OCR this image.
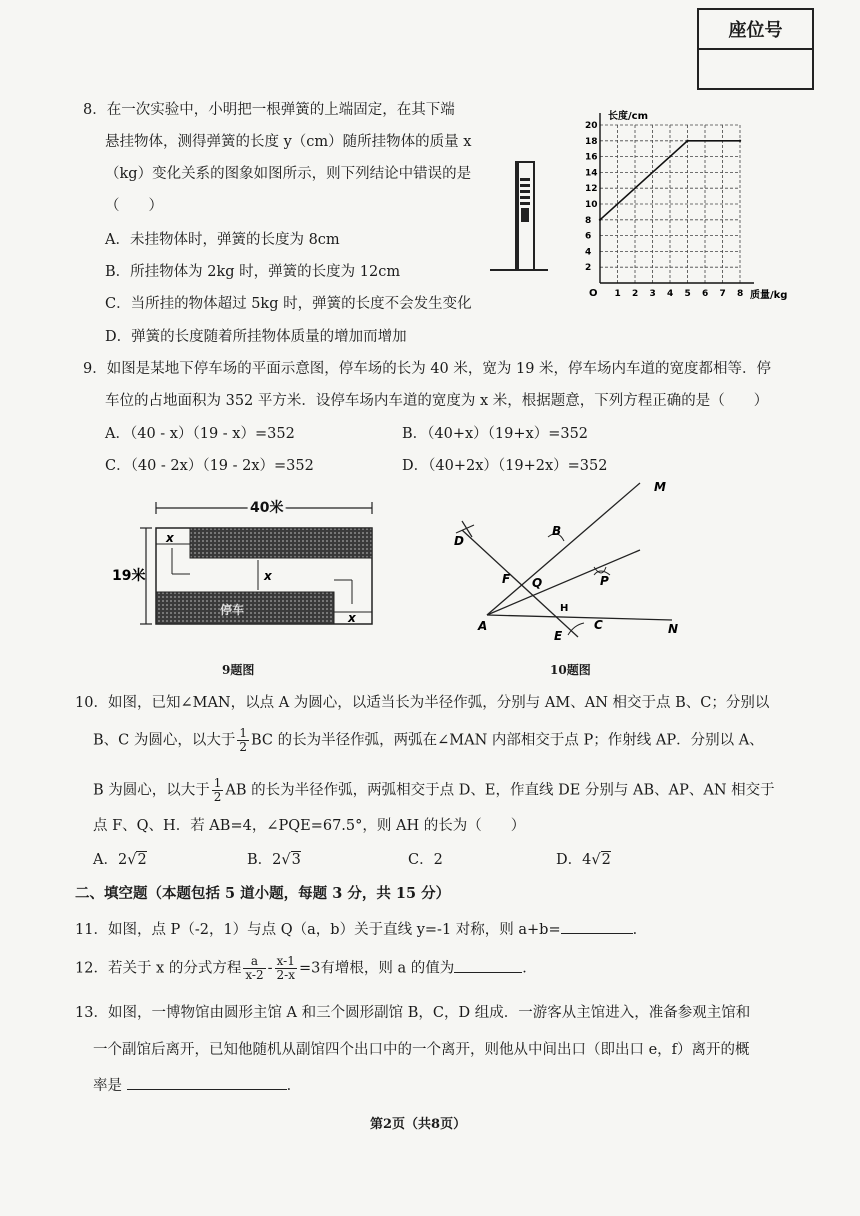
座位号
8．在一次实验中，小明把一根弹簧的上端固定，在其下端
悬挂物体，测得弹簧的长度 y（cm）随所挂物体的质量 x
（kg）变化关系的图象如图所示，则下列结论中错误的是
（　　）
A．未挂物体时，弹簧的长度为 8cm
B．所挂物体为 2kg 时，弹簧的长度为 12cm
C．当所挂的物体超过 5kg 时，弹簧的长度不会发生变化
D．弹簧的长度随着所挂物体质量的增加而增加
1 2 3 4 5 6 7 8
2
4
6
8
10
12
14
16
18
20
长度/cm
质量/kg
O
9．如图是某地下停车场的平面示意图，停车场的长为 40 米，宽为 19 米，停车场内车道的宽度都相等．停
车位的占地面积为 352 平方米．设停车场内车道的宽度为 x 米，根据题意，下列方程正确的是（　　）
A．（40 - x）（19 - x）=352	B．（40+x）（19+x）=352
C．（40 - 2x）（19 - 2x）=352	D．（40+2x）（19+2x）=352
40米
19米
停车
x
x
x
9题图
M
B
D
F Q	P
H
A
E
C	N
10题图
10．如图，已知∠MAN，以点 A 为圆心，以适当长为半径作弧，分别与 AM、AN 相交于点 B、C；分别以
B、C 为圆心，以大于 $\frac{1}{2}$ BC 的长为半径作弧，两弧在∠MAN 内部相交于点 P；作射线 AP．分别以 A、
B 为圆心，以大于 $\frac{1}{2}$ AB 的长为半径作弧，两弧相交于点 D、E，作直线 DE 分别与 AB、AP、AN 相交于
点 F、Q、H．若 AB=4，∠PQE=67.5°，则 AH 的长为（　　）
A．2√2	B．2√3	C．2	D．4√2
二、填空题（本题包括 5 道小题，每题 3 分，共 15 分）
11．如图，点 P（-2，1）与点 Q（a，b）关于直线 y=-1 对称，则 a+b=	．
12．若关于 x 的分式方程 $\frac{a}{x-2} - \frac{x-1}{2-x} =3$有增根，则 a 的值为	．
13．如图，一博物馆由圆形主馆 A 和三个圆形副馆 B，C，D 组成．一游客从主馆进入，准备参观主馆和
一个副馆后离开，已知他随机从副馆四个出口中的一个离开，则他从中间出口（即出口 e，f）离开的概
率是	．
第2页（共8页）
